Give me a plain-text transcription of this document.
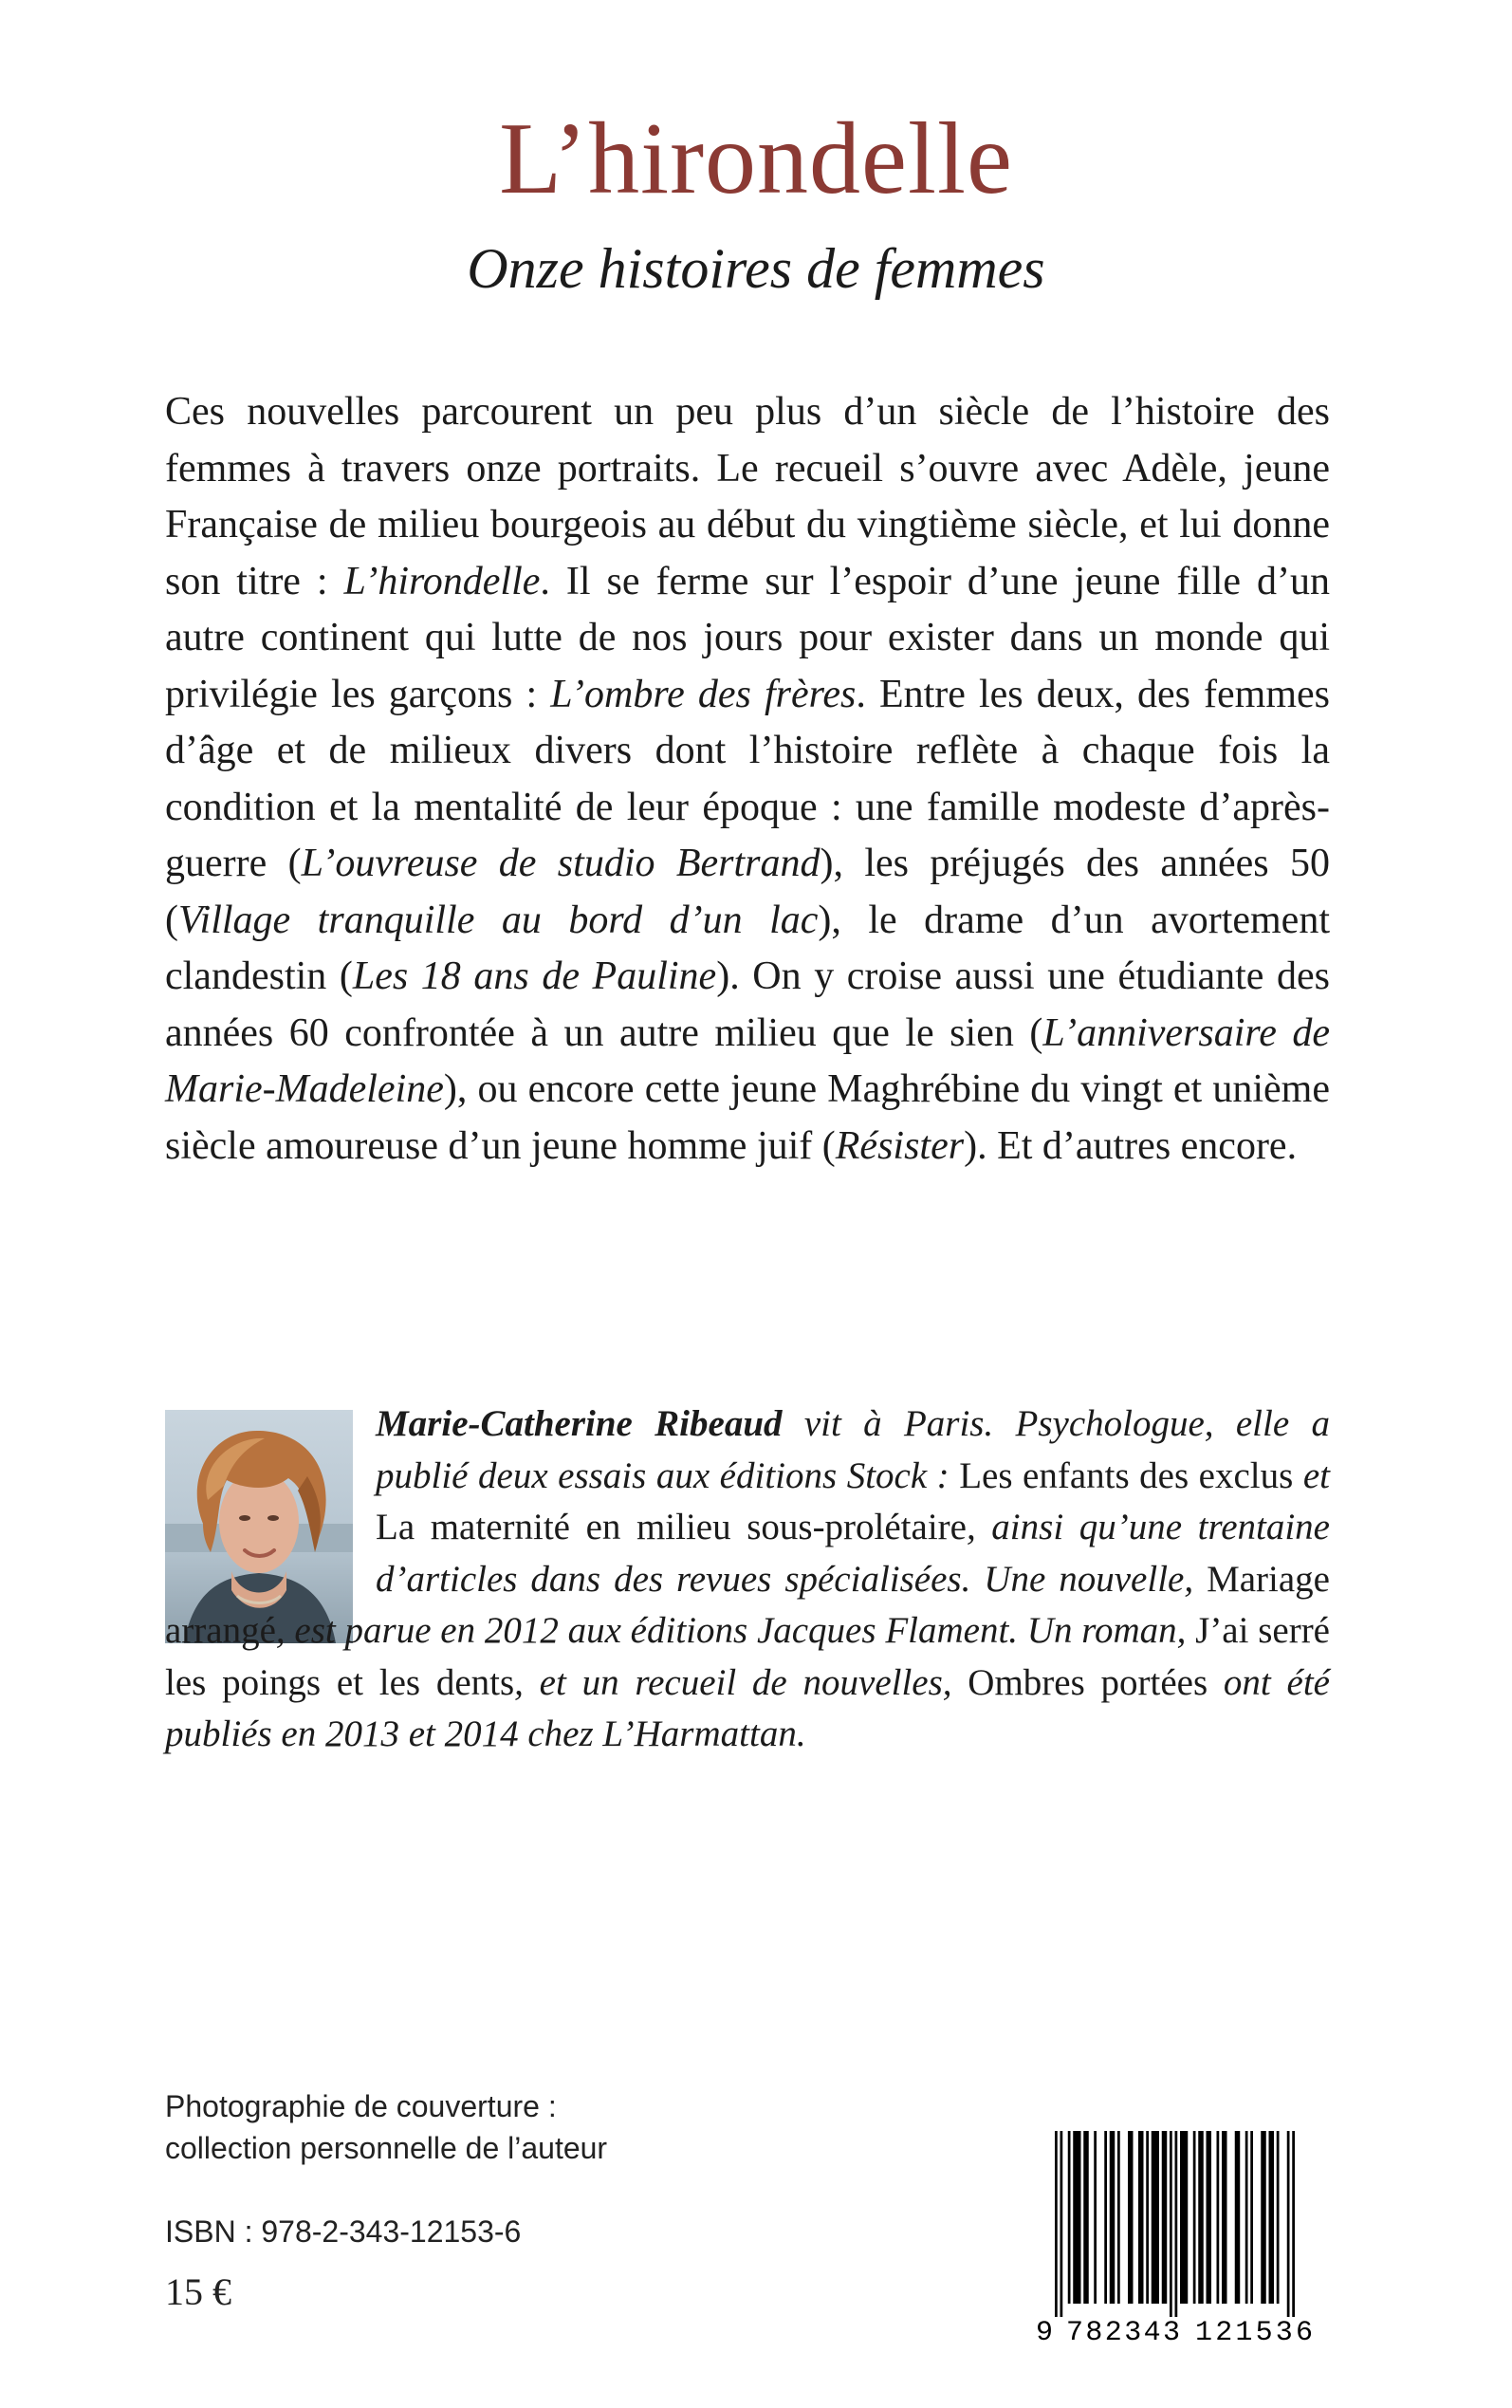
L’hirondelle
Onze histoires de femmes

Ces nouvelles parcourent un peu plus d’un siècle de l’histoire des femmes à travers onze portraits. Le recueil s’ouvre avec Adèle, jeune Française de milieu bourgeois au début du vingtième siècle, et lui donne son titre : L’hirondelle. Il se ferme sur l’espoir d’une jeune fille d’un autre continent qui lutte de nos jours pour exister dans un monde qui privilégie les garçons : L’ombre des frères. Entre les deux, des femmes d’âge et de milieux divers dont l’histoire reflète à chaque fois la condition et la mentalité de leur époque : une famille modeste d’après-guerre (L’ouvreuse de studio Bertrand), les préjugés des années 50 (Village tranquille au bord d’un lac), le drame d’un avortement clandestin (Les 18 ans de Pauline). On y croise aussi une étudiante des années 60 confrontée à un autre milieu que le sien (L’anniversaire de Marie-Madeleine), ou encore cette jeune Maghrébine du vingt et unième siècle amoureuse d’un jeune homme juif (Résister). Et d’autres encore.

Marie-Catherine Ribeaud vit à Paris. Psychologue, elle a publié deux essais aux éditions Stock : Les enfants des exclus et La maternité en milieu sous-prolétaire, ainsi qu’une trentaine d’articles dans des revues spécialisées. Une nouvelle, Mariage arrangé, est parue en 2012 aux éditions Jacques Flament. Un roman, J’ai serré les poings et les dents, et un recueil de nouvelles, Ombres portées ont été publiés en 2013 et 2014 chez L’Harmattan.

Photographie de couverture :
collection personnelle de l’auteur
ISBN : 978-2-343-12153-6
15 €
9 782343 121536
